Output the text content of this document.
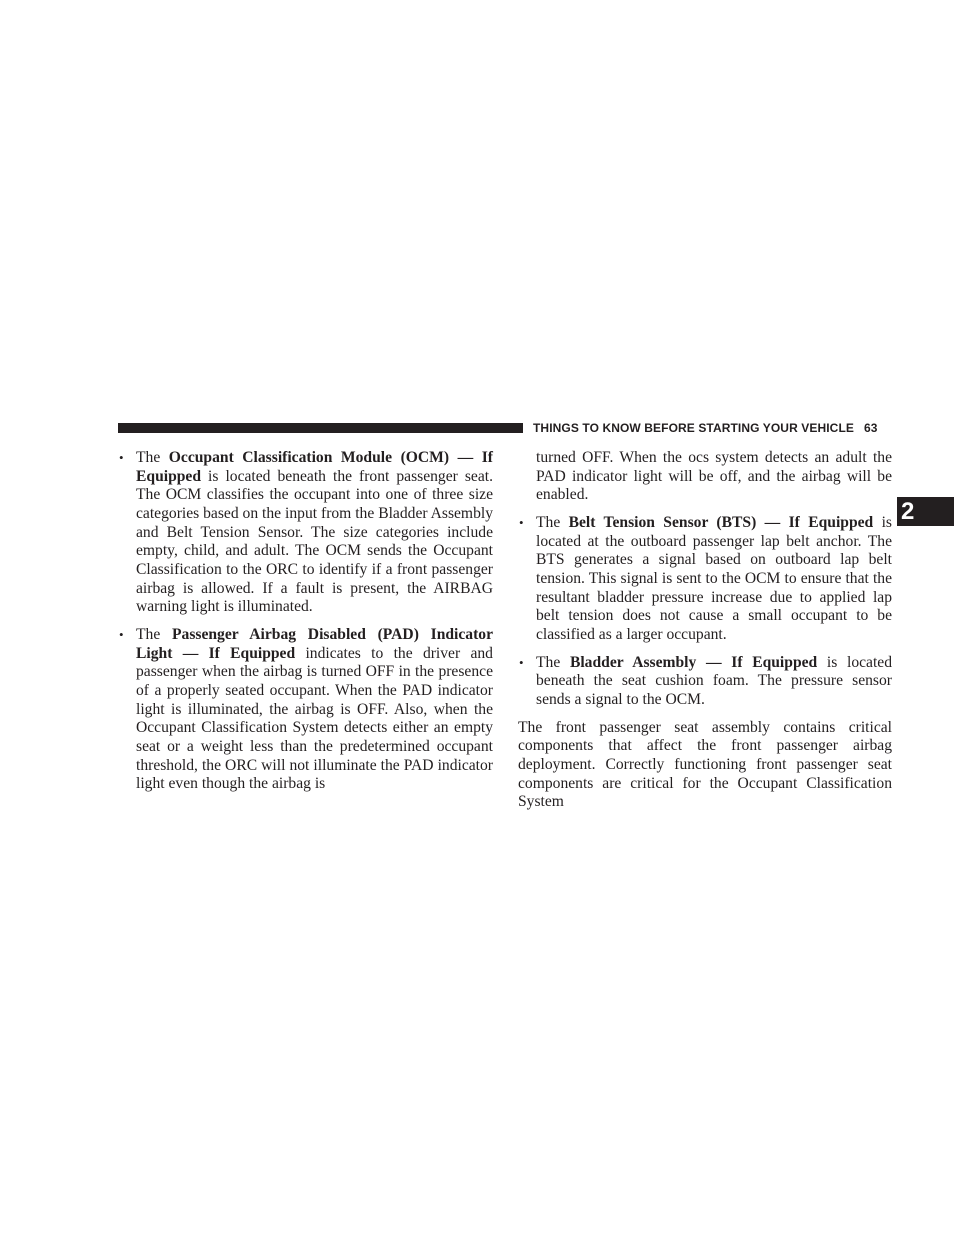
THINGS TO KNOW BEFORE STARTING YOUR VEHICLE 63
2

• The Occupant Classification Module (OCM) — If Equipped is located beneath the front passenger seat. The OCM classifies the occupant into one of three size categories based on the input from the Bladder Assembly and Belt Tension Sensor. The size categories include empty, child, and adult. The OCM sends the Occupant Classification to the ORC to identify if a front passenger airbag is allowed. If a fault is present, the AIRBAG warning light is illuminated.

• The Passenger Airbag Disabled (PAD) Indicator Light — If Equipped indicates to the driver and passenger when the airbag is turned OFF in the presence of a properly seated occupant. When the PAD indicator light is illuminated, the airbag is OFF. Also, when the Occupant Classification System detects either an empty seat or a weight less than the predetermined occupant threshold, the ORC will not illuminate the PAD indicator light even though the airbag is

turned OFF. When the ocs system detects an adult the PAD indicator light will be off, and the airbag will be enabled.

• The Belt Tension Sensor (BTS) — If Equipped is located at the outboard passenger lap belt anchor. The BTS generates a signal based on outboard lap belt tension. This signal is sent to the OCM to ensure that the resultant bladder pressure increase due to applied lap belt tension does not cause a small occupant to be classified as a larger occupant.

• The Bladder Assembly — If Equipped is located beneath the seat cushion foam. The pressure sensor sends a signal to the OCM.

The front passenger seat assembly contains critical components that affect the front passenger airbag deployment. Correctly functioning front passenger seat components are critical for the Occupant Classification System
